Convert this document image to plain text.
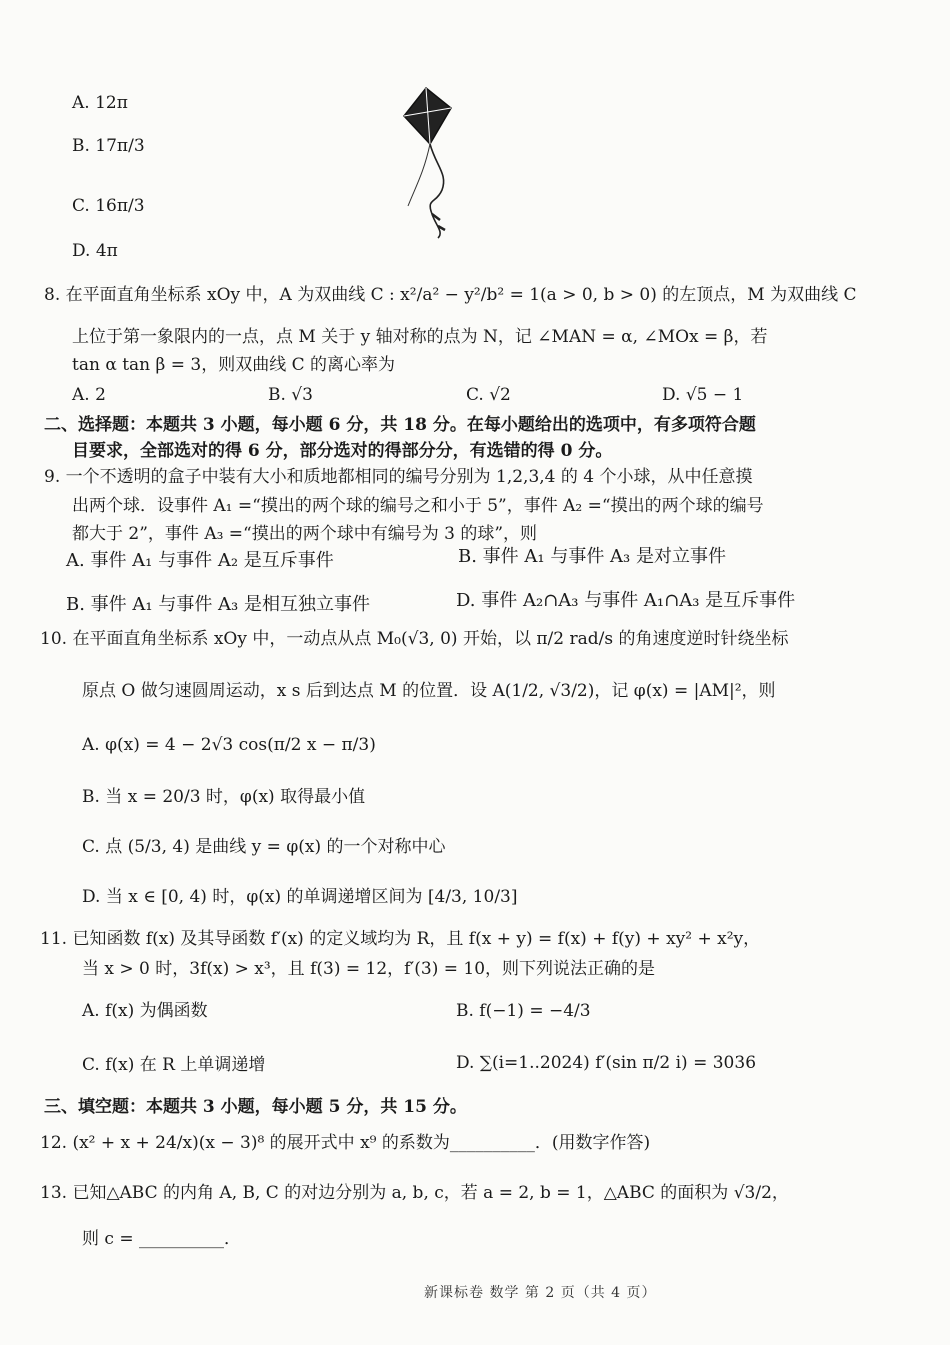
A. 12π
B. 17π/3
C. 16π/3
D. 4π
8. 在平面直角坐标系 xOy 中，A 为双曲线 C : x²/a² − y²/b² = 1(a > 0, b > 0) 的左顶点，M 为双曲线 C
上位于第一象限内的一点，点 M 关于 y 轴对称的点为 N，记 ∠MAN = α, ∠MOx = β，若
tan α tan β = 3，则双曲线 C 的离心率为
A. 2	B. √3	C. √2	D. √5 − 1
二、选择题：本题共 3 小题，每小题 6 分，共 18 分。在每小题给出的选项中，有多项符合题
目要求，全部选对的得 6 分，部分选对的得部分分，有选错的得 0 分。
9. 一个不透明的盒子中装有大小和质地都相同的编号分别为 1,2,3,4 的 4 个小球，从中任意摸
出两个球．设事件 A₁ =“摸出的两个球的编号之和小于 5”，事件 A₂ =“摸出的两个球的编号
都大于 2”，事件 A₃ =“摸出的两个球中有编号为 3 的球”，则
A. 事件 A₁ 与事件 A₂ 是互斥事件	B. 事件 A₁ 与事件 A₃ 是对立事件
B. 事件 A₁ 与事件 A₃ 是相互独立事件	D. 事件 A₂∩A₃ 与事件 A₁∩A₃ 是互斥事件
10. 在平面直角坐标系 xOy 中，一动点从点 M₀(√3, 0) 开始，以 π/2 rad/s 的角速度逆时针绕坐标
原点 O 做匀速圆周运动，x s 后到达点 M 的位置．设 A(1/2, √3/2)，记 φ(x) = |AM|²，则
A. φ(x) = 4 − 2√3 cos(π/2 x − π/3)
B. 当 x = 20/3 时，φ(x) 取得最小值
C. 点 (5/3, 4) 是曲线 y = φ(x) 的一个对称中心
D. 当 x ∈ [0, 4) 时，φ(x) 的单调递增区间为 [4/3, 10/3]
11. 已知函数 f(x) 及其导函数 f′(x) 的定义域均为 R，且 f(x + y) = f(x) + f(y) + xy² + x²y，
当 x > 0 时，3f(x) > x³，且 f(3) = 12，f′(3) = 10，则下列说法正确的是
A. f(x) 为偶函数	B. f(−1) = −4/3
C. f(x) 在 R 上单调递增	D. ∑(i=1..2024) f′(sin π/2 i) = 3036
三、填空题：本题共 3 小题，每小题 5 分，共 15 分。
12. (x² + x + 24/x)(x − 3)⁸ 的展开式中 x⁹ 的系数为__________．(用数字作答)
13. 已知△ABC 的内角 A, B, C 的对边分别为 a, b, c，若 a = 2, b = 1，△ABC 的面积为 √3/2，
则 c = __________．
新课标卷 数学 第 2 页（共 4 页）
